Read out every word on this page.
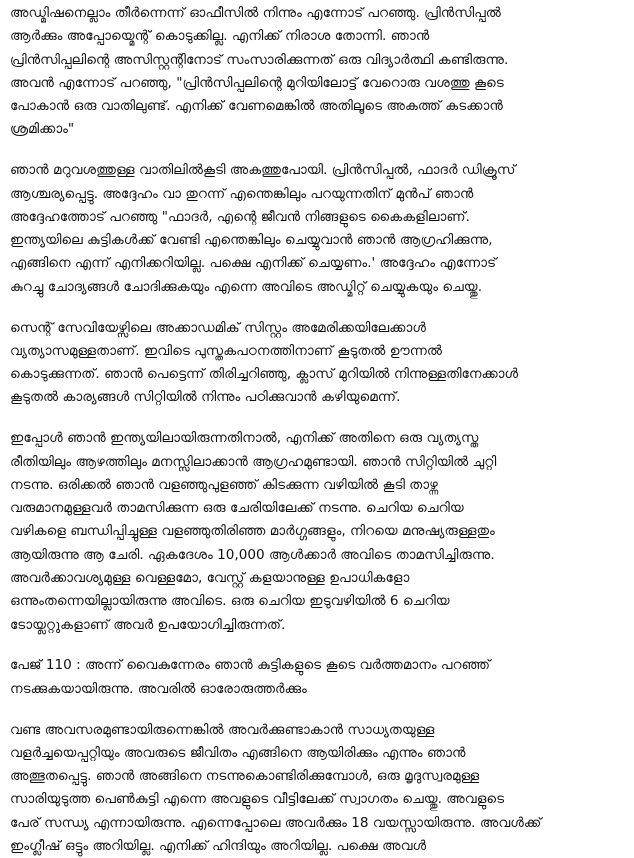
അഡ്മിഷനെല്ലാം തീർന്നെന്ന് ഓഫീസിൽ നിന്നും എന്നോട് പറഞ്ഞു. പ്രിൻസിപ്പൽ
ആർക്കും അപ്പോയ്മെന്റ് കൊടുക്കില്ല. എനിക്ക് നിരാശ തോന്നി. ഞാൻ
പ്രിൻസിപ്പലിന്റെ അസിസ്റ്റന്റിനോട് സംസാരിക്കുന്നത് ഒരു വിദ്യാർത്ഥി കണ്ടിരുന്നു.
അവൻ എന്നോട് പറഞ്ഞു, "പ്രിൻസിപ്പലിന്റെ മുറിയിലോട്ട് വേറൊരു വശത്തു കൂടെ
പോകാൻ ഒരു വാതിലുണ്ട്. എനിക്ക് വേണമെങ്കിൽ അതിലൂടെ അകത്ത് കടക്കാൻ
ശ്രമിക്കാം"
ഞാൻ മറുവശത്തുള്ള വാതിലിൽകൂടി അകത്തുപോയി. പ്രിൻസിപ്പൽ, ഫാദർ ഡിക്രൂസ്
ആശ്ചര്യപ്പെട്ടു. അദ്ദേഹം വാ തുറന്ന് എന്തെങ്കിലും പറയുന്നതിന് മുൻപ് ഞാൻ
അദ്ദേഹത്തോട് പറഞ്ഞു "ഫാദർ, എന്റെ ജീവൻ നിങ്ങളുടെ കൈകളിലാണ്.
ഇന്ത്യയിലെ കുട്ടികൾക്ക് വേണ്ടി എന്തെങ്കിലും ചെയ്യുവാൻ ഞാൻ ആഗ്രഹിക്കുന്നു,
എങ്ങിനെ എന്ന് എനിക്കറിയില്ല. പക്ഷെ എനിക്ക് ചെയ്യണം.' അദ്ദേഹം എന്നോട്
കുറച്ചു ചോദ്യങ്ങൾ ചോദിക്കുകയും എന്നെ അവിടെ അഡ്മിറ്റ് ചെയ്യുകയും ചെയ്തു.
സെന്റ് സേവിയേഴ്സിലെ അക്കാഡമിക് സിസ്റ്റം അമേരിക്കയിലേക്കാൾ
വ്യത്യാസമുള്ളതാണ്. ഇവിടെ പുസ്തകപഠനത്തിനാണ് കൂടുതൽ ഊന്നൽ
കൊടുക്കുന്നത്. ഞാൻ പെട്ടെന്ന് തിരിച്ചറിഞ്ഞു, ക്ലാസ് മുറിയിൽ നിന്നുള്ളതിനേക്കാൾ
കൂടുതൽ കാര്യങ്ങൾ സിറ്റിയിൽ നിന്നും പഠിക്കുവാൻ കഴിയുമെന്ന്.
ഇപ്പോൾ ഞാൻ ഇന്ത്യയിലായിരുന്നതിനാൽ, എനിക്ക് അതിനെ ഒരു വ്യത്യസ്ത
രീതിയിലും ആഴത്തിലും മനസ്സിലാക്കാൻ ആഗ്രഹമുണ്ടായി. ഞാൻ സിറ്റിയിൽ ചുറ്റി
നടന്നു. ഒരിക്കൽ ഞാൻ വളഞ്ഞുപുളഞ്ഞ് കിടക്കുന്ന വഴിയിൽ കൂടി താഴ്ന്ന
വരുമാനമുള്ളവർ താമസിക്കുന്ന ഒരു ചേരിയിലേക്ക് നടന്നു. ചെറിയ ചെറിയ
വഴികളെ ബന്ധിപ്പിച്ചുള്ള വളഞ്ഞുതിരിഞ്ഞ മാർഗ്ഗങ്ങളും, നിറയെ മനുഷ്യരുള്ളതും
ആയിരുന്നു ആ ചേരി. ഏകദേശം 10,000 ആൾക്കാർ അവിടെ താമസിച്ചിരുന്നു.
അവർക്കാവശ്യമുള്ള വെള്ളമോ, വേസ്റ്റ് കളയാനുള്ള ഉപാധികളോ
ഒന്നുംതന്നെയില്ലായിരുന്നു അവിടെ. ഒരു ചെറിയ ഇടുവഴിയിൽ 6 ചെറിയ
ടോയ്ലറ്റുകളാണ് അവർ ഉപയോഗിച്ചിരുന്നത്.
പേജ് 110 : അന്ന് വൈകുന്നേരം ഞാൻ കുട്ടികളുടെ കൂടെ വർത്തമാനം പറഞ്ഞ്
നടക്കുകയായിരുന്നു. അവരിൽ ഓരോരുത്തർക്കും
വണ്ട അവസരമുണ്ടായിരുന്നെങ്കിൽ അവർക്കുണ്ടാകാൻ സാധ്യതയുള്ള
വളർച്ചയെപ്പറ്റിയും അവരുടെ ജീവിതം എങ്ങിനെ ആയിരിക്കും എന്നും ഞാൻ
അത്ഭുതപ്പെട്ടു. ഞാൻ അങ്ങിനെ നടന്നുകൊണ്ടിരിക്കുമ്പോൾ, ഒരു മൃദുസ്വരമുള്ള
സാരിയുടുത്ത പെൺകുട്ടി എന്നെ അവളുടെ വീട്ടിലേക്ക് സ്വാഗതം ചെയ്തു. അവളുടെ
പേര് സന്ധ്യ എന്നായിരുന്നു. എന്നെപ്പോലെ അവർക്കും 18 വയസ്സായിരുന്നു. അവൾക്ക്
ഇംഗ്ലീഷ് ഒട്ടും അറിയില്ല. എനിക്ക് ഹിന്ദിയും അറിയില്ല. പക്ഷെ അവൾ
